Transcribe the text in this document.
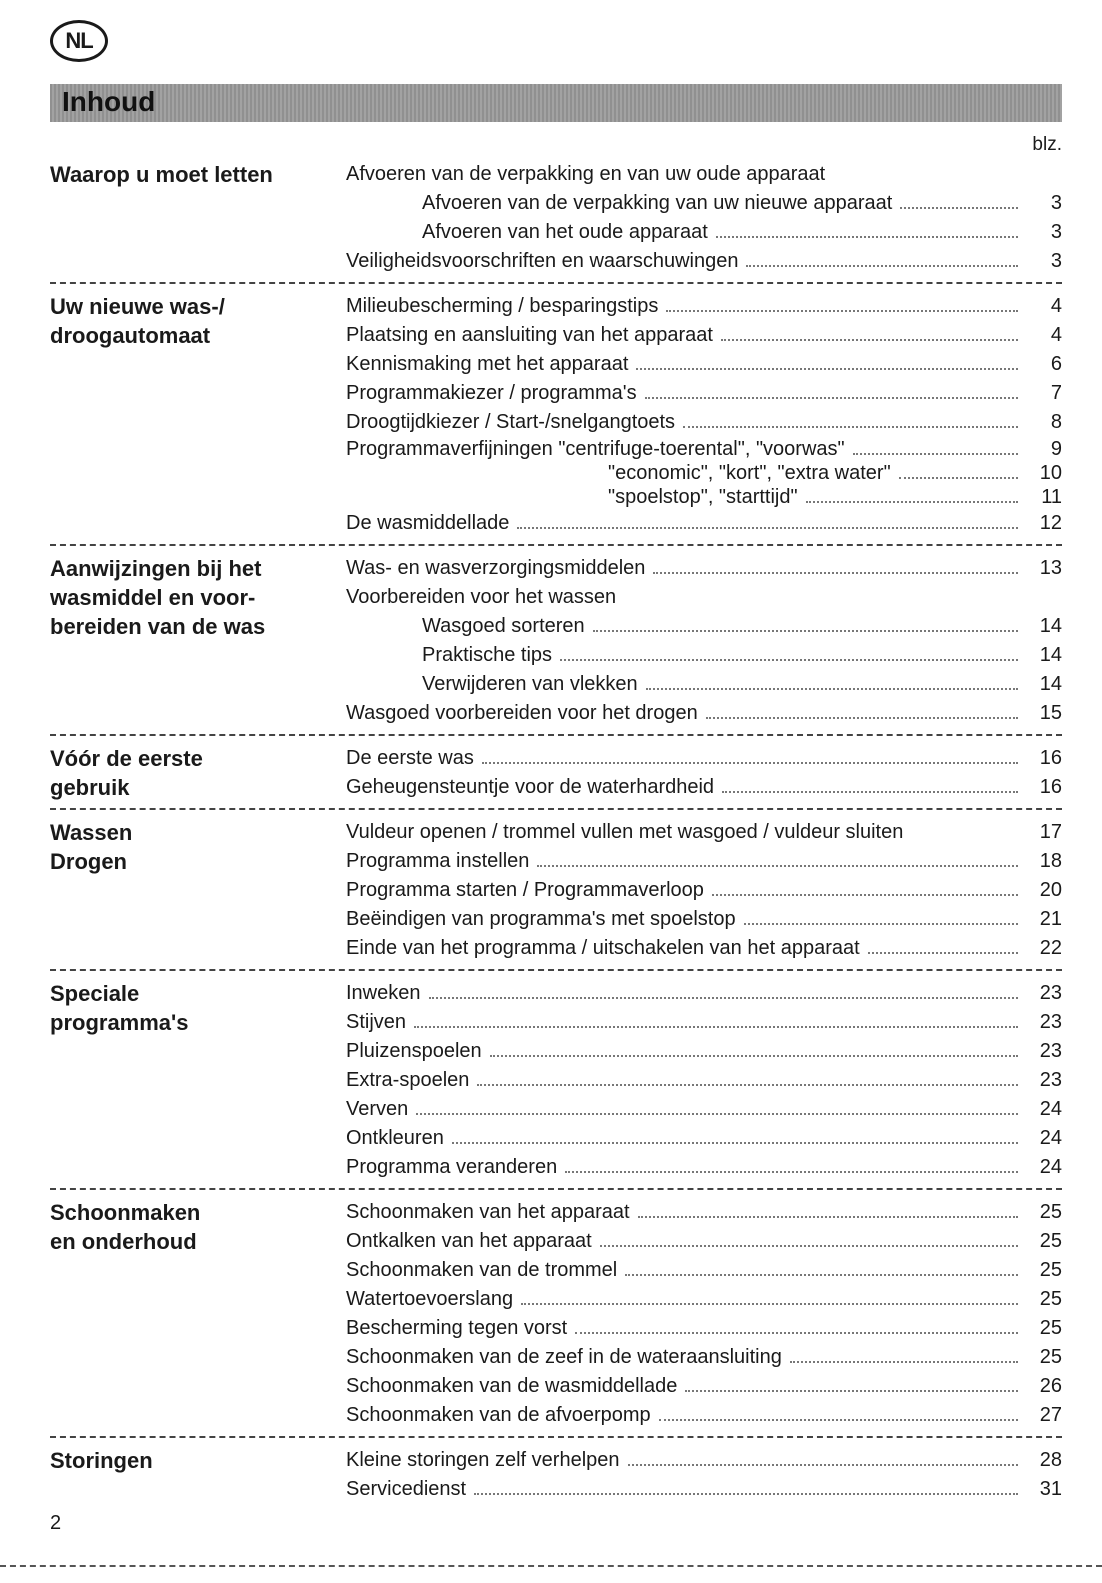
NL
Inhoud
blz.
Waarop u moet letten	Afvoeren van de verpakking en van uw oude apparaat
Afvoeren van de verpakking van uw nieuwe apparaat	3
Afvoeren van het oude apparaat	3
Veiligheidsvoorschriften en waarschuwingen	3
Uw nieuwe was-/
droogautomaat
Milieubescherming / besparingstips	4
Plaatsing en aansluiting van het apparaat	4
Kennismaking met het apparaat	6
Programmakiezer / programma's	7
Droogtijdkiezer / Start-/snelgangtoets	8
Programmaverfijningen "centrifuge-toerental", "voorwas"	9
"economic", "kort", "extra water"	10
"spoelstop", "starttijd"	11
De wasmiddellade	12
Aanwijzingen bij het
wasmiddel en voor-
bereiden van de was
Was- en wasverzorgingsmiddelen	13
Voorbereiden voor het wassen
Wasgoed sorteren	14
Praktische tips	14
Verwijderen van vlekken	14
Wasgoed voorbereiden voor het drogen	15
Vóór de eerste
gebruik
De eerste was	16
Geheugensteuntje voor de waterhardheid	16
Wassen
Drogen
Vuldeur openen / trommel vullen met wasgoed / vuldeur sluiten	17
Programma instellen	18
Programma starten / Programmaverloop	20
Beëindigen van programma's met spoelstop	21
Einde van het programma / uitschakelen van het apparaat	22
Speciale
programma's
Inweken	23
Stijven	23
Pluizenspoelen	23
Extra-spoelen	23
Verven	24
Ontkleuren	24
Programma veranderen	24
Schoonmaken
en onderhoud
Schoonmaken van het apparaat	25
Ontkalken van het apparaat	25
Schoonmaken van de trommel	25
Watertoevoerslang	25
Bescherming tegen vorst	25
Schoonmaken van de zeef in de wateraansluiting	25
Schoonmaken van de wasmiddellade	26
Schoonmaken van de afvoerpomp	27
Storingen	Kleine storingen zelf verhelpen	28
Servicedienst	31
2
